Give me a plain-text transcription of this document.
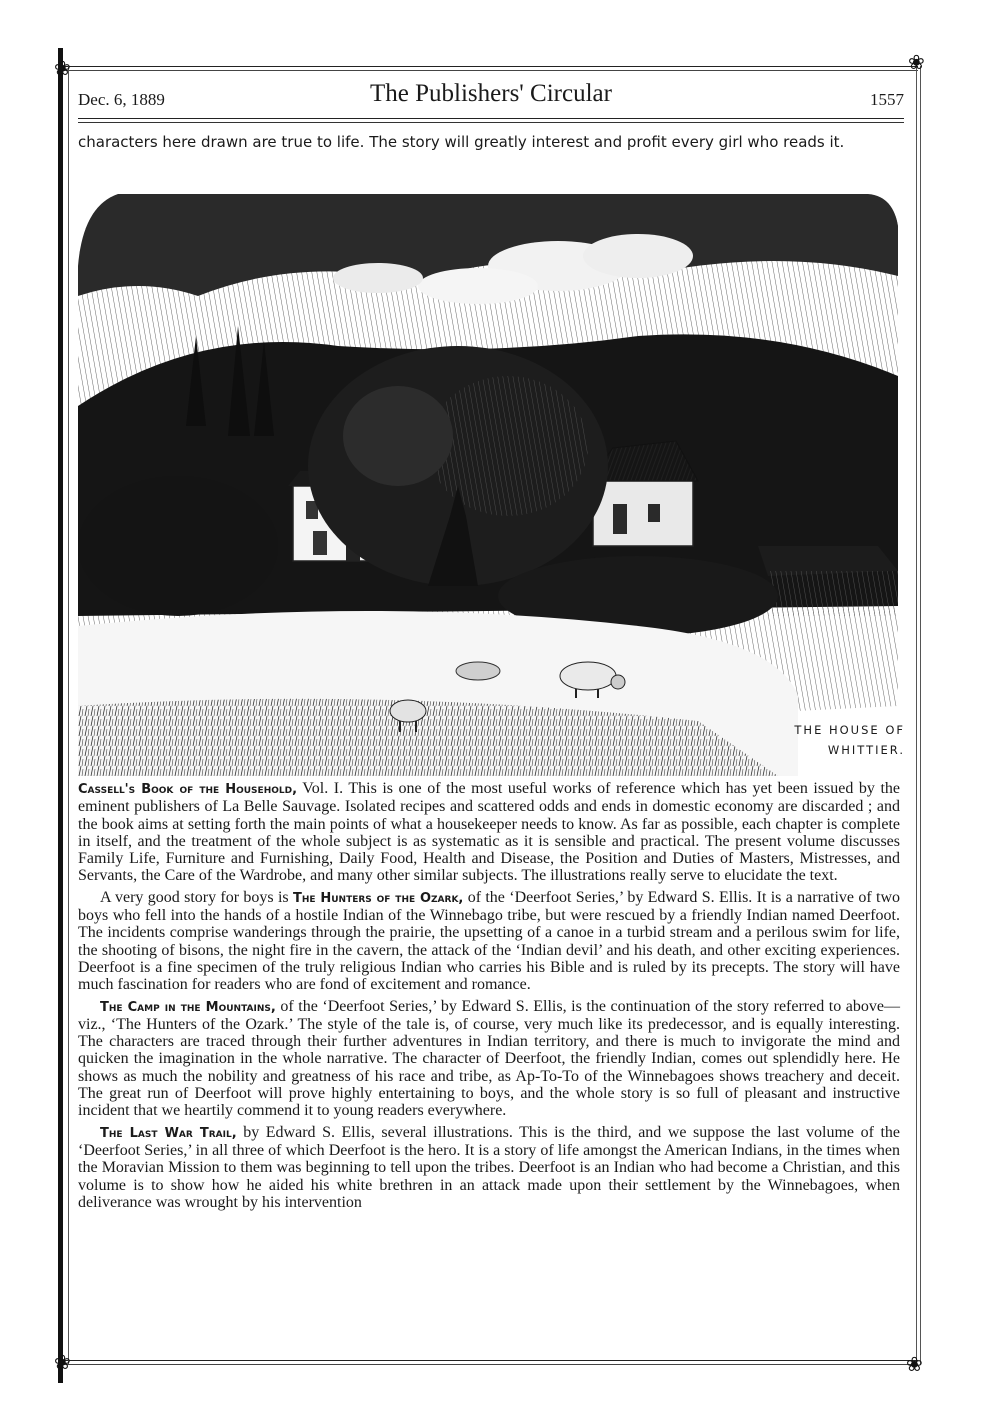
❀	❀
❀	❀
Dec. 6, 1889	The Publishers' Circular	1557
characters here drawn are true to life. The story will greatly interest and profit every girl who reads it.
THE HOUSE OF
WHITTIER.

Cassell's Book of the Household, Vol. I. This is one of the most useful works of reference which has yet been issued by the eminent publishers of La Belle Sauvage. Isolated recipes and scattered odds and ends in domestic economy are discarded ; and the book aims at setting forth the main points of what a housekeeper needs to know. As far as possible, each chapter is complete in itself, and the treatment of the whole subject is as systematic as it is sensible and practical. The present volume discusses Family Life, Furniture and Furnishing, Daily Food, Health and Disease, the Position and Duties of Masters, Mistresses, and Servants, the Care of the Wardrobe, and many other similar subjects. The illustrations really serve to elucidate the text.

A very good story for boys is The Hunters of the Ozark, of the ‘Deerfoot Series,’ by Edward S. Ellis. It is a narrative of two boys who fell into the hands of a hostile Indian of the Winnebago tribe, but were rescued by a friendly Indian named Deerfoot. The incidents comprise wanderings through the prairie, the upsetting of a canoe in a turbid stream and a perilous swim for life, the shooting of bisons, the night fire in the cavern, the attack of the ‘Indian devil’ and his death, and other exciting experiences. Deerfoot is a fine specimen of the truly religious Indian who carries his Bible and is ruled by its precepts. The story will have much fascination for readers who are fond of excitement and romance.

The Camp in the Mountains, of the ‘Deerfoot Series,’ by Edward S. Ellis, is the continuation of the story referred to above—viz., ‘The Hunters of the Ozark.’ The style of the tale is, of course, very much like its predecessor, and is equally interesting. The characters are traced through their further adventures in Indian territory, and there is much to invigorate the mind and quicken the imagination in the whole narrative. The character of Deerfoot, the friendly Indian, comes out splendidly here. He shows as much the nobility and greatness of his race and tribe, as Ap-To-To of the Winnebagoes shows treachery and deceit. The great run of Deerfoot will prove highly entertaining to boys, and the whole story is so full of pleasant and instructive incident that we heartily commend it to young readers everywhere.

The Last War Trail, by Edward S. Ellis, several illustrations. This is the third, and we suppose the last volume of the ‘Deerfoot Series,’ in all three of which Deerfoot is the hero. It is a story of life amongst the American Indians, in the times when the Moravian Mission to them was beginning to tell upon the tribes. Deerfoot is an Indian who had become a Christian, and this volume is to show how he aided his white brethren in an attack made upon their settlement by the Winnebagoes, when deliverance was wrought by his intervention
